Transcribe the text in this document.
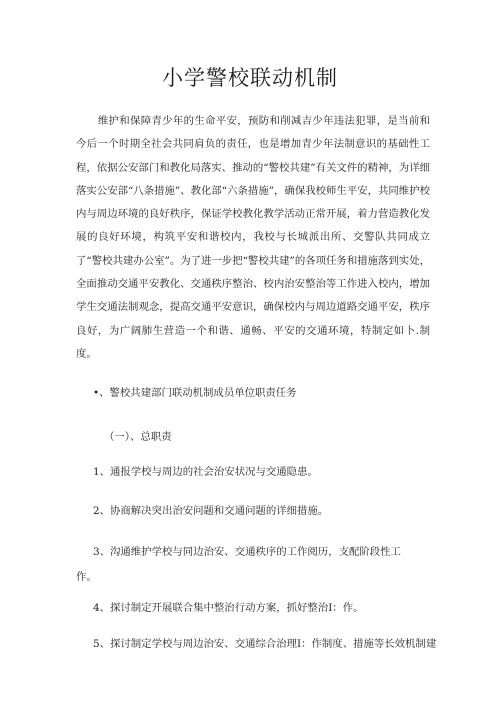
小学警校联动机制

维护和保障青少年的生命平安，预防和削减吉少年违法犯罪，是当前和今后一个时期全社会共同肩负的责任，也是增加青少年法制意识的基础性工程，依据公安部门和教化局落实、推动的“警校共建”有关文件的精神，为详细落实公安部“八条措施”、教化部“六条措施”，确保我校师生平安，共同维护校内与周边环境的良好秩序，保证学校教化教学活动正常开展，着力营造教化发展的良好环境，构筑平安和谐校内，我校与长城派出所、交警队共同成立了“警校共建办公室”。为了进一步把“警校共建”的各项任务和措施落到实处，全面推动交通平安教化、交通秩序整治、校内治安整治等工作进入校内，增加学生交通法制观念，提高交通平安意识，确保校内与周边道路交通平安，秩序良好，为广阔肺生营造一个和谐、通畅、平安的交通环境，特制定如卜.制度。

•、警校共建部门联动机制成员单位职责任务
（一）、总职责
1、通报学校与周边的社会治安状况与交通隐患。
2、协商解决突出治安问题和交通问题的详细措施。
3、沟通维护学校与同边治安、交通秩序的工作阅历，支配阶段性工
作。
4、探讨制定开展联合集中整治行动方案，抓好整治I：作。
5、探讨制定学校与周边治安、交通综合治理I：作制度、措施等长效机制建
